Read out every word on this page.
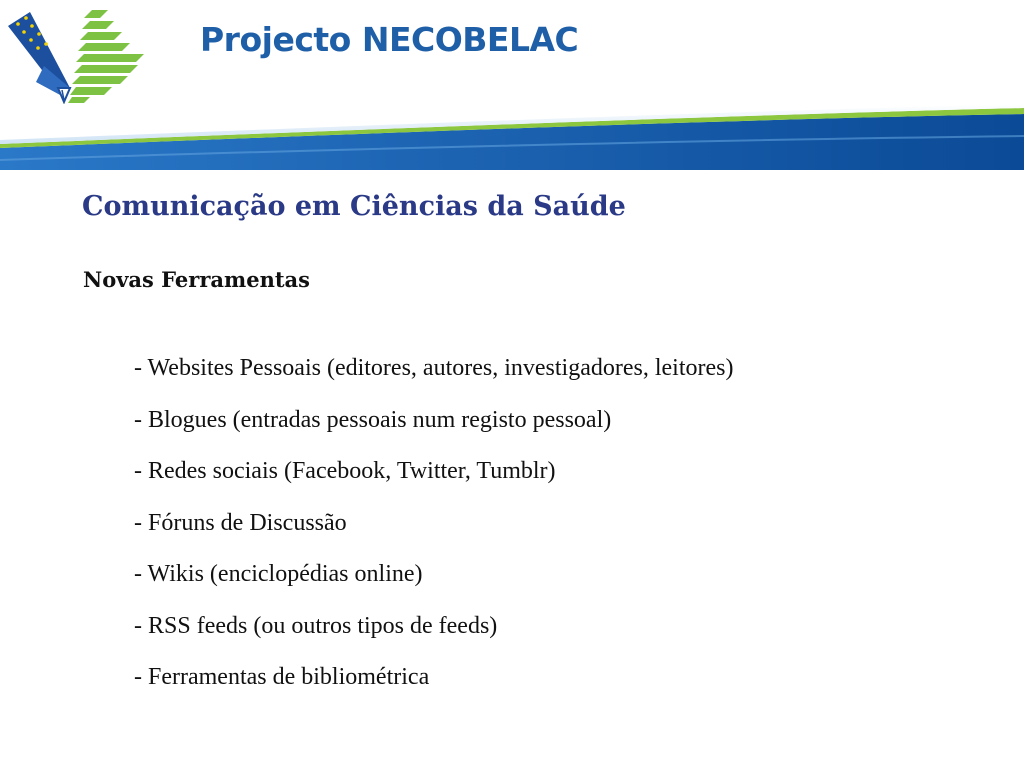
Projecto NECOBELAC
Comunicação em Ciências da Saúde
Novas Ferramentas
- Websites Pessoais (editores, autores, investigadores, leitores)
- Blogues (entradas pessoais num registo pessoal)
- Redes sociais (Facebook, Twitter, Tumblr)
- Fóruns de Discussão
- Wikis (enciclopédias online)
- RSS feeds (ou outros tipos de feeds)
- Ferramentas de bibliométrica
